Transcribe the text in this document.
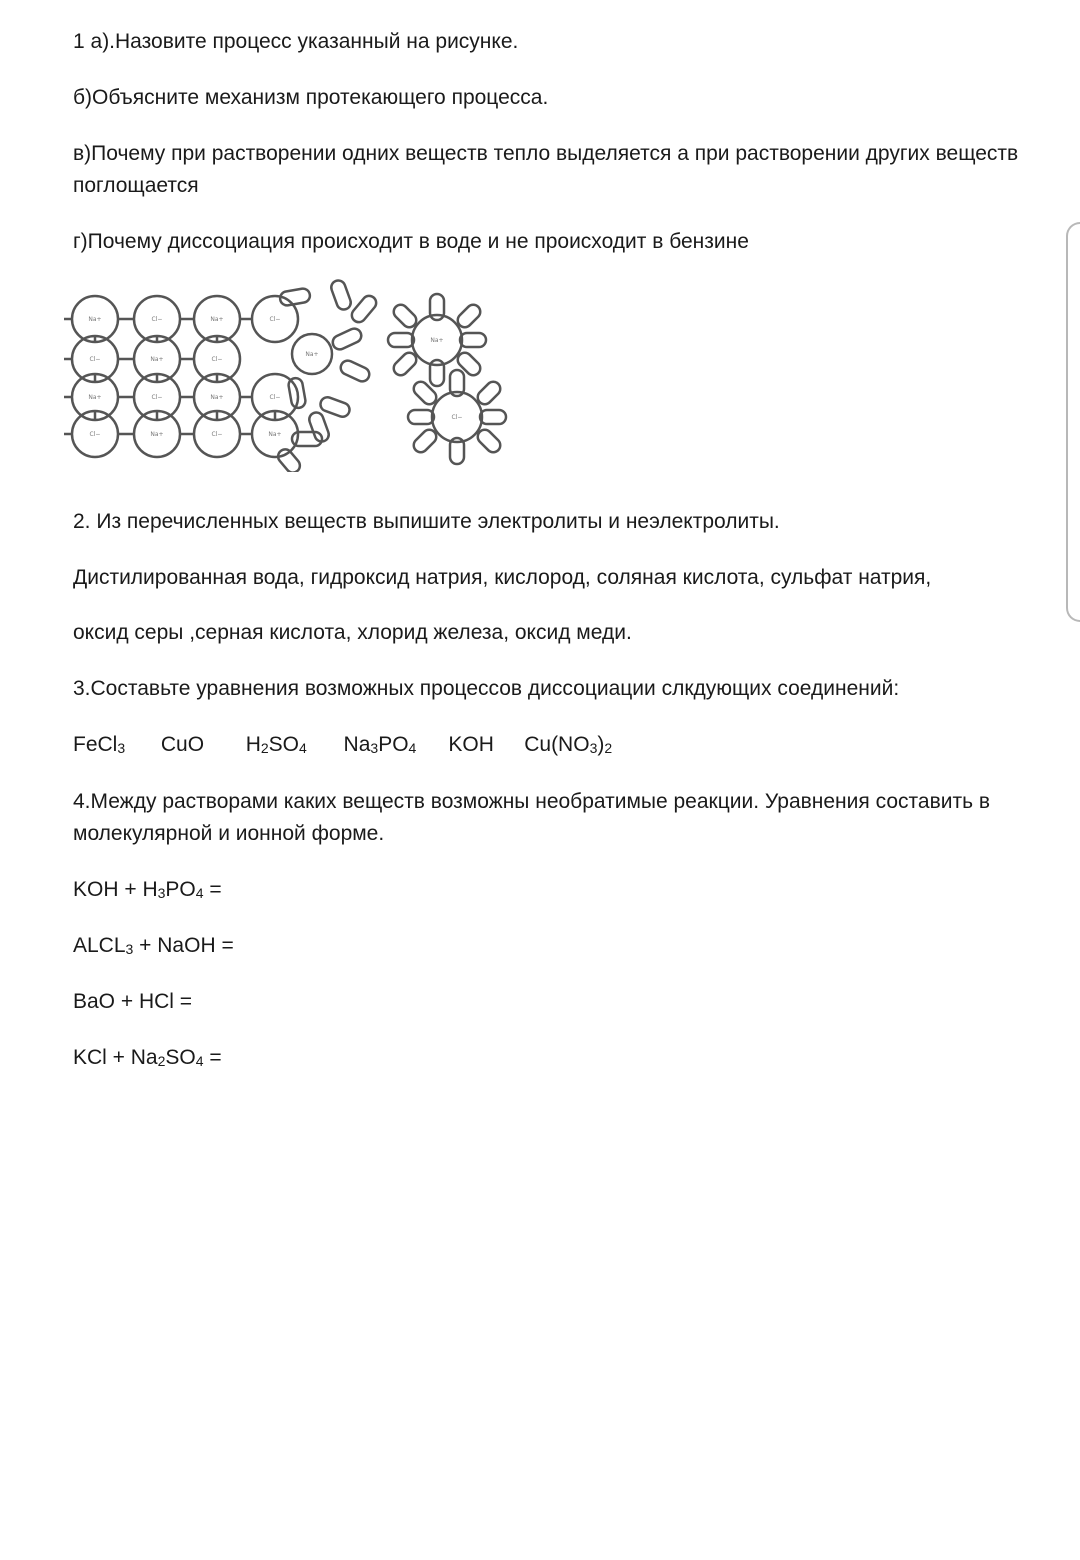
1 а).Назовите процесс указанный на рисунке.
б)Объясните механизм протекающего процесса.
в)Почему при растворении одних веществ тепло выделяется а при растворении других веществ
поглощается
г)Почему диссоциация происходит в воде и не происходит в бензине
Na+	Cl−	Na+	Cl−
Cl−	Na+	Cl−
Na+
Na+	Cl−	Na+	Cl−
Cl−	Na+	Cl−	Na+
Na+
Cl−
2. Из перечисленных веществ выпишите электролиты и неэлектролиты.
Дистилированная вода, гидроксид натрия, кислород, соляная кислота, сульфат натрия,
оксид серы ,серная кислота, хлорид железа, оксид меди.
3.Составьте уравнения возможных процессов диссоциации слкдующих соединений:
FeCl$_3$ CuO $H_2SO_4$ $Na_3PO_4$ KOH $Cu(NO_3)_2$
4.Между растворами каких веществ возможны необратимые реакции. Уравнения составить в
молекулярной и ионной форме.
KOH + $H_3PO_4$ =
$ALCL_3$ + NaOH =
BaO + HCl =
KCl + $Na_2SO_4$ =
